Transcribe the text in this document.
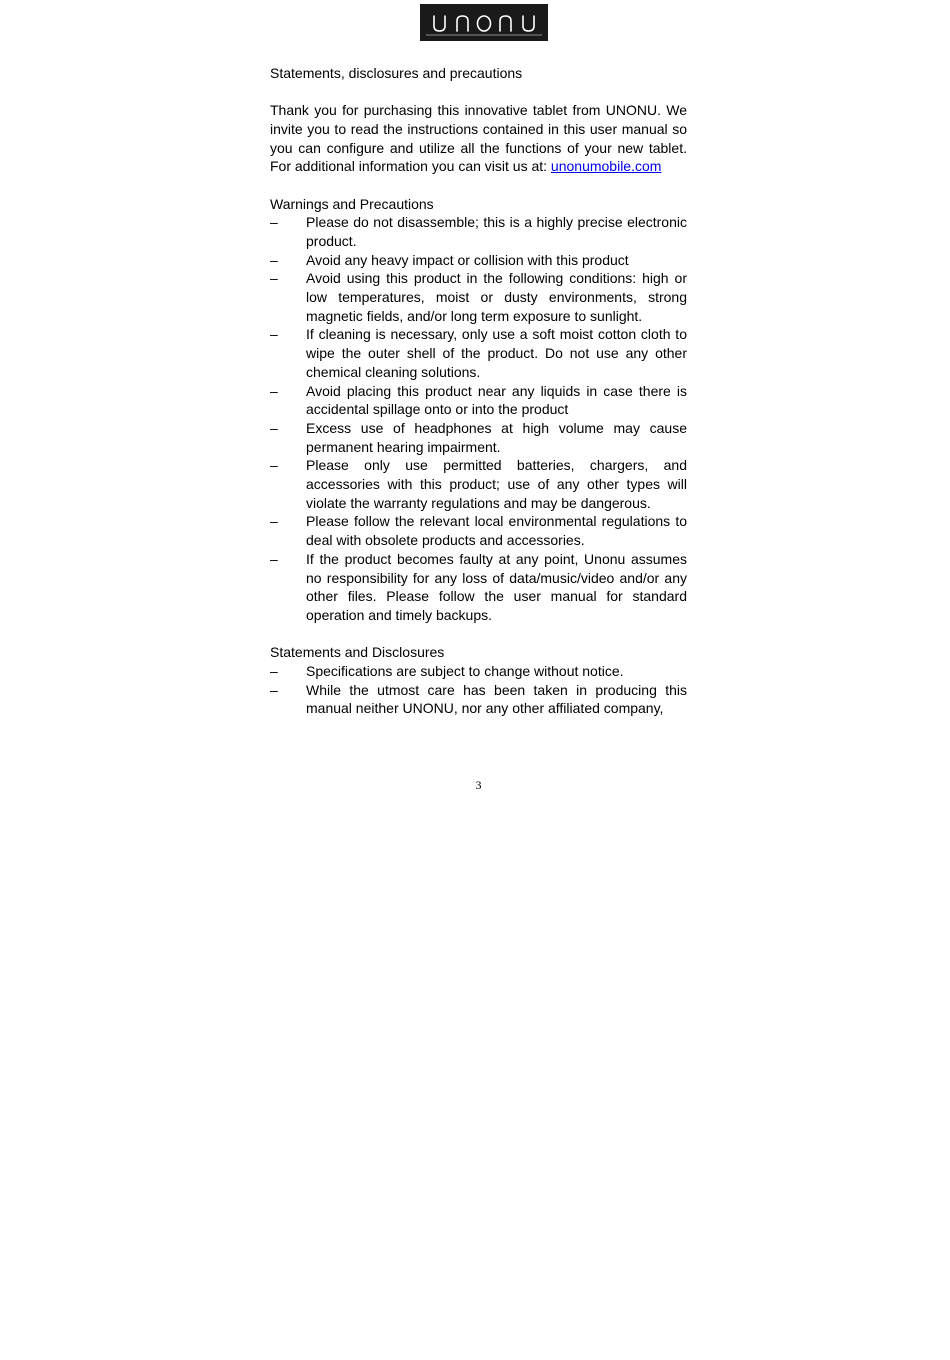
Statements, disclosures and precautions

Thank you for purchasing this innovative tablet from UNONU. We invite you to read the instructions contained in this user manual so you can configure and utilize all the functions of your new tablet. For additional information you can visit us at: unonumobile.com

Warnings and Precautions

– Please do not disassemble; this is a highly precise electronic product.
– Avoid any heavy impact or collision with this product
– Avoid using this product in the following conditions: high or low temperatures, moist or dusty environments, strong magnetic fields, and/or long term exposure to sunlight.
– If cleaning is necessary, only use a soft moist cotton cloth to wipe the outer shell of the product. Do not use any other chemical cleaning solutions.
– Avoid placing this product near any liquids in case there is accidental spillage onto or into the product
– Excess use of headphones at high volume may cause permanent hearing impairment.
– Please only use permitted batteries, chargers, and accessories with this product; use of any other types will violate the warranty regulations and may be dangerous.
– Please follow the relevant local environmental regulations to deal with obsolete products and accessories.
– If the product becomes faulty at any point, Unonu assumes no responsibility for any loss of data/music/video and/or any other files. Please follow the user manual for standard operation and timely backups.

Statements and Disclosures

– Specifications are subject to change without notice.
– While the utmost care has been taken in producing this manual neither UNONU, nor any other affiliated company,
3
